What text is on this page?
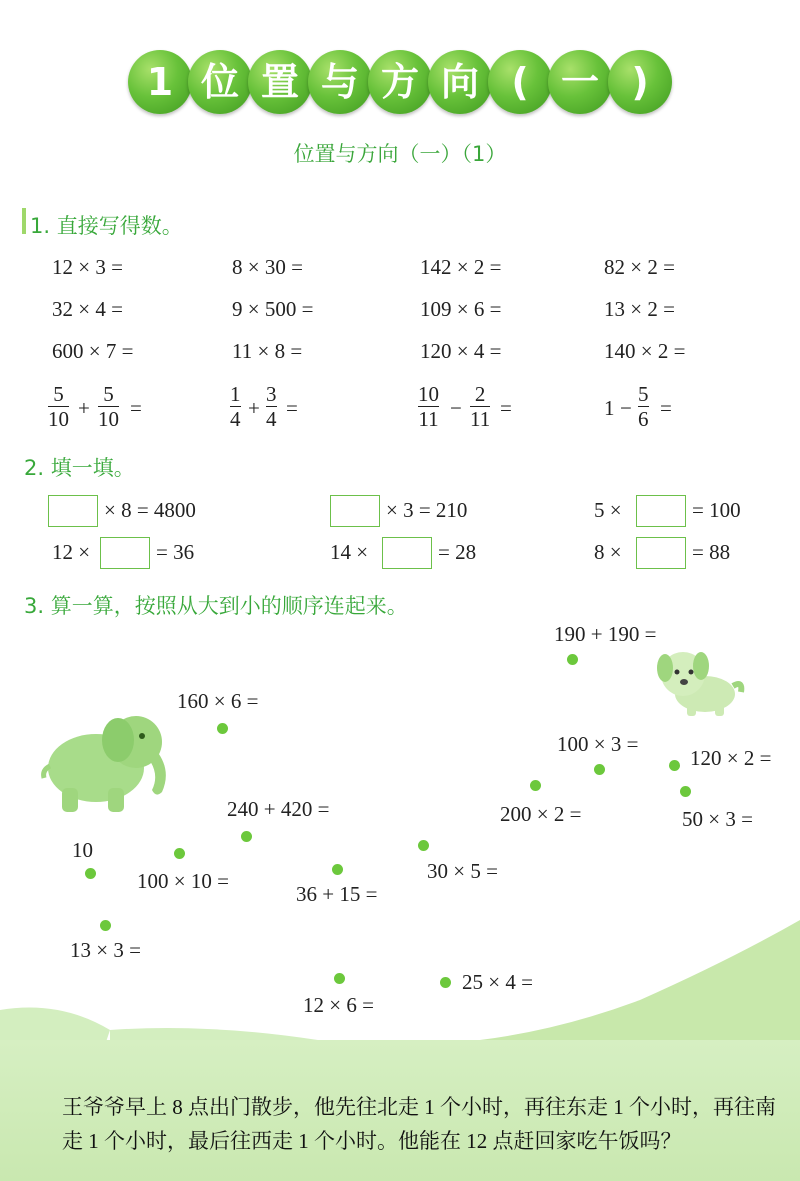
1 位 置 与 方 向 ( 一 )
位置与方向（一）（1）
1. 直接写得数。
12 × 3 =	8 × 30 =	142 × 2 =	82 × 2 =
32 × 4 =	9 × 500 =	109 × 6 =	13 × 2 =
600 × 7 =	11 × 8 =	120 × 4 =	140 × 2 =
$\frac{5}{10} + \frac{5}{10}$ =	$\frac{1}{4} + \frac{3}{4}$ =	$\frac{10}{11} - \frac{2}{11}$ =	$1 - \frac{5}{6}$ =
2. 填一填。
× 8 = 4800	× 3 = 210	5 ×	= 100
12 ×	= 36	14 ×	= 28	8 ×	= 88
3. 算一算，按照从大到小的顺序连起来。
190 + 190 =
160 × 6 =
100 × 3 =
120 × 2 =
240 + 420 =	200 × 2 =	50 × 3 =
10
100 × 10 =	30 × 5 =
36 + 15 =
13 × 3 =
25 × 4 =
12 × 6 =
王爷爷早上 8 点出门散步，他先往北走 1 个小时，再往东走 1 个小时，再往南走 1 个小时，最后往西走 1 个小时。他能在 12 点赶回家吃午饭吗？
